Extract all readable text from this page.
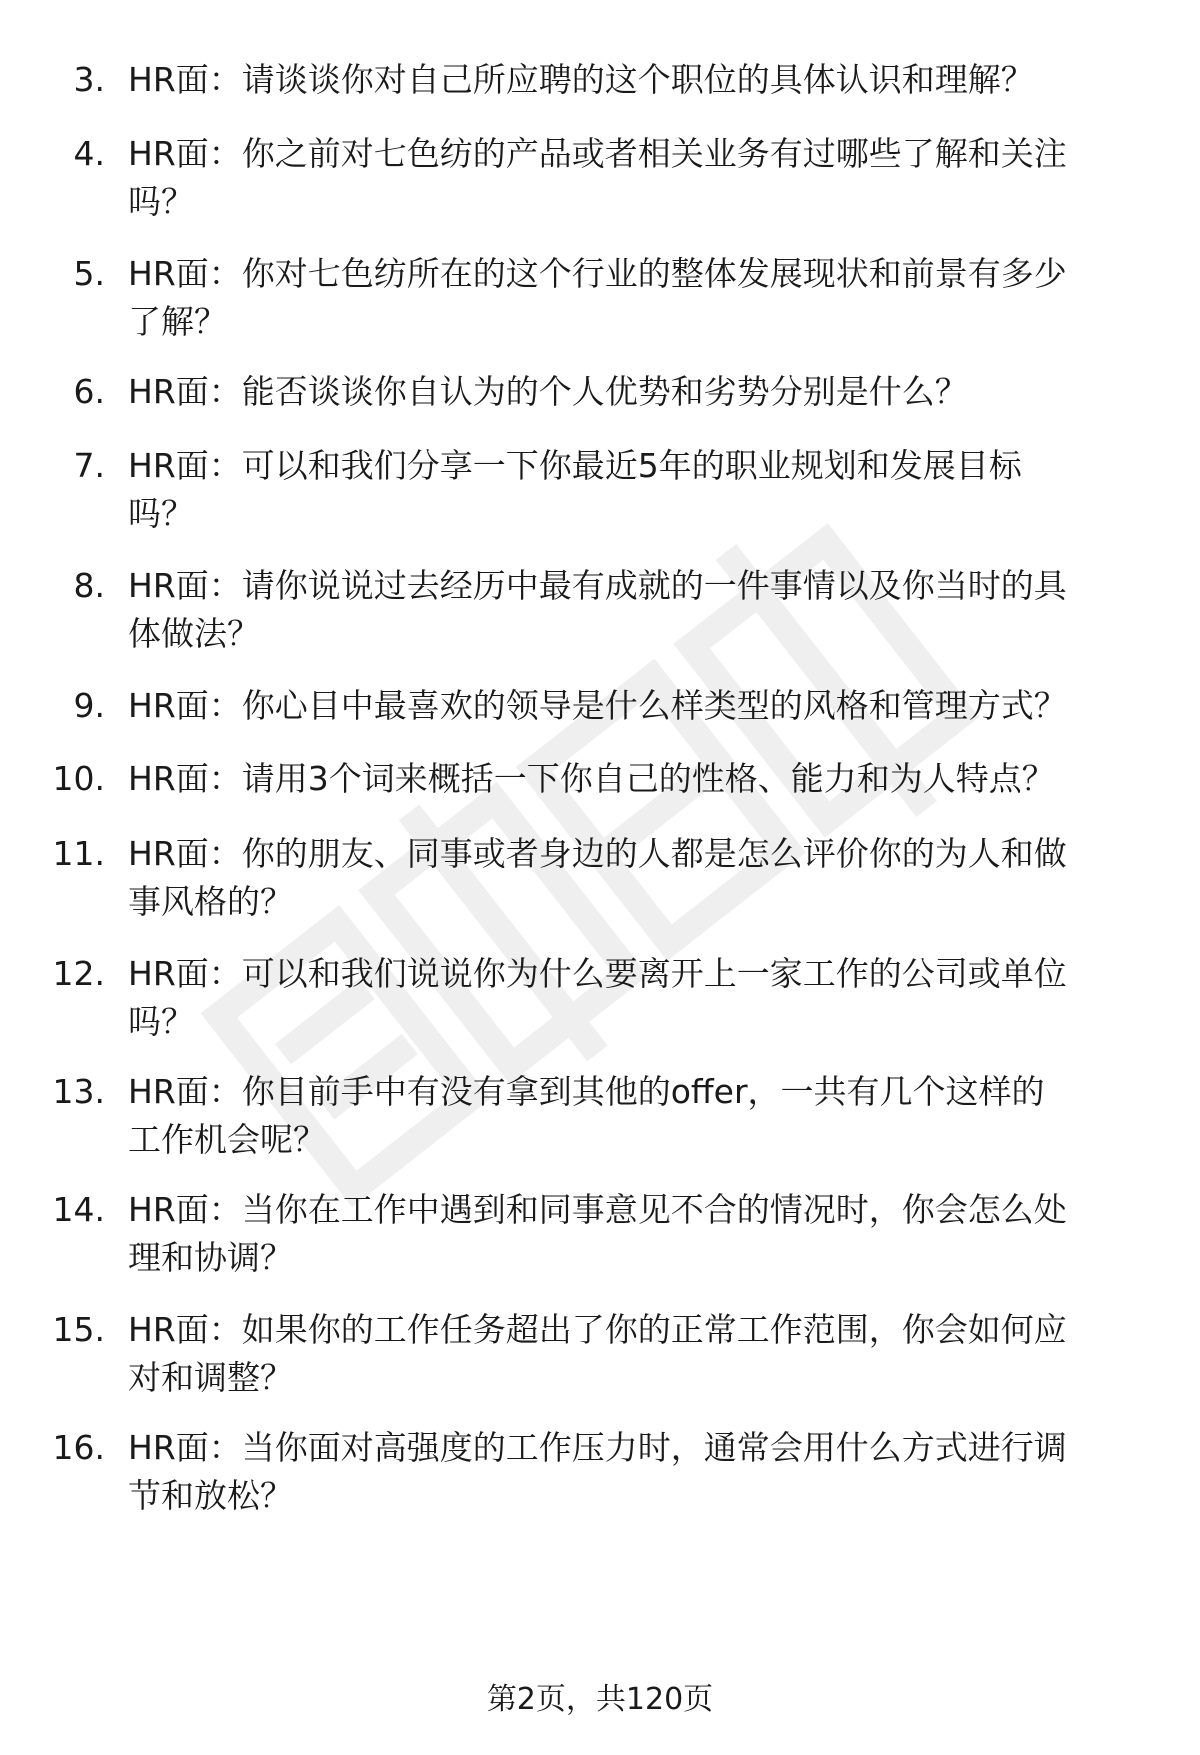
3. HR面：请谈谈你对自己所应聘的这个职位的具体认识和理解？
4. HR面：你之前对七色纺的产品或者相关业务有过哪些了解和关注
吗？
5. HR面：你对七色纺所在的这个行业的整体发展现状和前景有多少
了解？
6. HR面：能否谈谈你自认为的个人优势和劣势分别是什么？
7. HR面：可以和我们分享一下你最近5年的职业规划和发展目标
吗？
8. HR面：请你说说过去经历中最有成就的一件事情以及你当时的具
体做法？
9. HR面：你心目中最喜欢的领导是什么样类型的风格和管理方式？
10. HR面：请用3个词来概括一下你自己的性格、能力和为人特点？
11. HR面：你的朋友、同事或者身边的人都是怎么评价你的为人和做
事风格的？
12. HR面：可以和我们说说你为什么要离开上一家工作的公司或单位
吗？
13. HR面：你目前手中有没有拿到其他的offer，一共有几个这样的
工作机会呢？
14. HR面：当你在工作中遇到和同事意见不合的情况时，你会怎么处
理和协调？
15. HR面：如果你的工作任务超出了你的正常工作范围，你会如何应
对和调整？
16. HR面：当你面对高强度的工作压力时，通常会用什么方式进行调
节和放松？
第2页，共120页
